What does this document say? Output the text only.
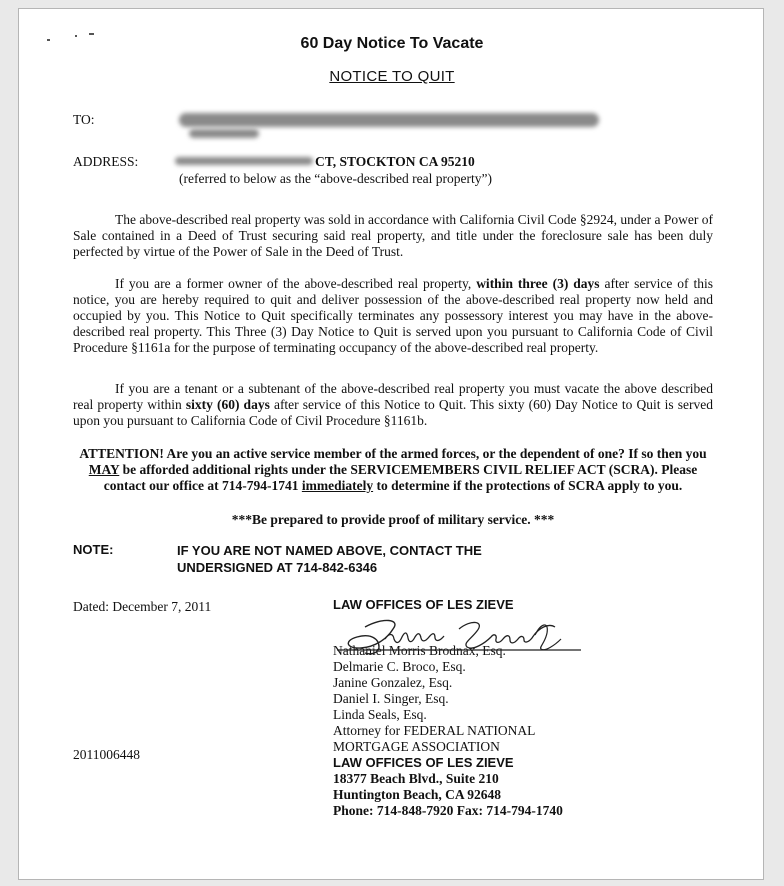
60 Day Notice To Vacate
NOTICE TO QUIT
TO:
ADDRESS:	CT, STOCKTON CA 95210
(referred to below as the “above-described real property”)

The above-described real property was sold in accordance with California Civil Code §2924, under a Power of Sale contained in a Deed of Trust securing said real property, and title under the foreclosure sale has been duly perfected by virtue of the Power of Sale in the Deed of Trust.

If you are a former owner of the above-described real property, within three (3) days after service of this notice, you are hereby required to quit and deliver possession of the above-described real property now held and occupied by you. This Notice to Quit specifically terminates any possessory interest you may have in the above-described real property. This Three (3) Day Notice to Quit is served upon you pursuant to California Code of Civil Procedure §1161a for the purpose of terminating occupancy of the above-described real property.

If you are a tenant or a subtenant of the above-described real property you must vacate the above described real property within sixty (60) days after service of this Notice to Quit. This sixty (60) Day Notice to Quit is served upon you pursuant to California Code of Civil Procedure §1161b.

ATTENTION! Are you an active service member of the armed forces, or the dependent of one? If so then you MAY be afforded additional rights under the SERVICEMEMBERS CIVIL RELIEF ACT (SCRA). Please contact our office at 714-794-1741 immediately to determine if the protections of SCRA apply to you.
***Be prepared to provide proof of military service. ***
NOTE:	IF YOU ARE NOT NAMED ABOVE, CONTACT THE
UNDERSIGNED AT 714-842-6346
Dated: December 7, 2011
2011006448
LAW OFFICES OF LES ZIEVE
Nathaniel Morris Brodnax, Esq.
Delmarie C. Broco, Esq.
Janine Gonzalez, Esq.
Daniel I. Singer, Esq.
Linda Seals, Esq.
Attorney for FEDERAL NATIONAL
MORTGAGE ASSOCIATION
LAW OFFICES OF LES ZIEVE
18377 Beach Blvd., Suite 210
Huntington Beach, CA 92648
Phone: 714-848-7920 Fax: 714-794-1740
